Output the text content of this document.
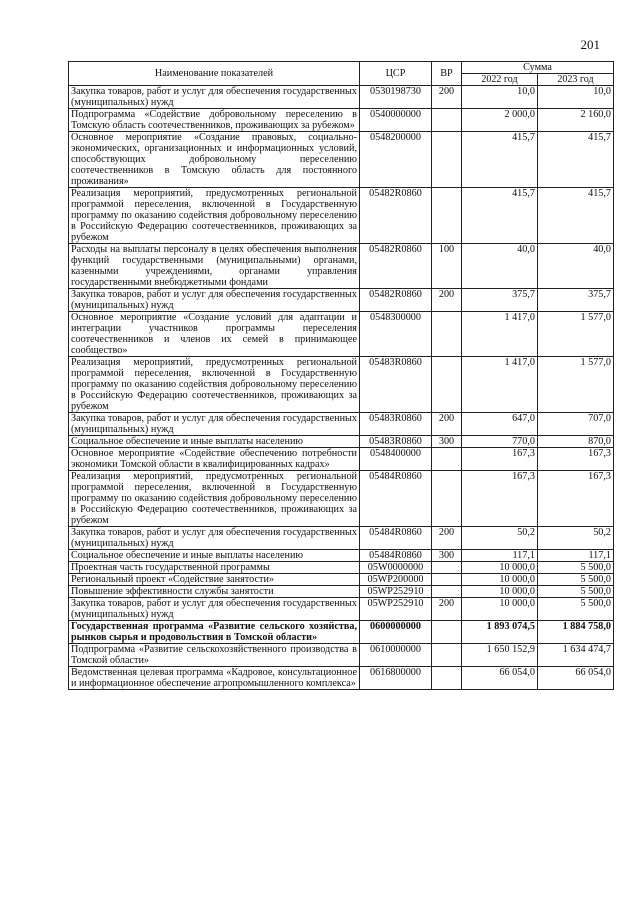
201
Наименование показателей	ЦСР	ВР	Сумма	
			2022 год	2023 год
Закупка товаров, работ и услуг для обеспечения государственных (муниципальных) нужд	0530198730	200	10,0	10,0
Подпрограмма «Содействие добровольному переселению в Томскую область соотечественников, проживающих за рубежом»	0540000000		2 000,0	2 160,0
Основное мероприятие «Создание правовых, социально-экономических, организационных и информационных условий, способствующих добровольному переселению соотечественников в Томскую область для постоянного проживания»	0548200000		415,7	415,7
Реализация мероприятий, предусмотренных региональной программой переселения, включенной в Государственную программу по оказанию содействия добровольному переселению в Российскую Федерацию соотечественников, проживающих за рубежом	05482R0860		415,7	415,7
Расходы на выплаты персоналу в целях обеспечения выполнения функций государственными (муниципальными) органами, казенными учреждениями, органами управления государственными внебюджетными фондами	05482R0860	100	40,0	40,0
Закупка товаров, работ и услуг для обеспечения государственных (муниципальных) нужд	05482R0860	200	375,7	375,7
Основное мероприятие «Создание условий для адаптации и интеграции участников программы переселения соотечественников и членов их семей в принимающее сообщество»	0548300000		1 417,0	1 577,0
Реализация мероприятий, предусмотренных региональной программой переселения, включенной в Государственную программу по оказанию содействия добровольному переселению в Российскую Федерацию соотечественников, проживающих за рубежом	05483R0860		1 417,0	1 577,0
Закупка товаров, работ и услуг для обеспечения государственных (муниципальных) нужд	05483R0860	200	647,0	707,0
Социальное обеспечение и иные выплаты населению	05483R0860	300	770,0	870,0
Основное мероприятие «Содействие обеспечению потребности экономики Томской области в квалифицированных кадрах»	0548400000		167,3	167,3
Реализация мероприятий, предусмотренных региональной программой переселения, включенной в Государственную программу по оказанию содействия добровольному переселению в Российскую Федерацию соотечественников, проживающих за рубежом	05484R0860		167,3	167,3
Закупка товаров, работ и услуг для обеспечения государственных (муниципальных) нужд	05484R0860	200	50,2	50,2
Социальное обеспечение и иные выплаты населению	05484R0860	300	117,1	117,1
Проектная часть государственной программы	05W0000000		10 000,0	5 500,0
Региональный проект «Содействие занятости»	05WP200000		10 000,0	5 500,0
Повышение эффективности службы занятости	05WP252910		10 000,0	5 500,0
Закупка товаров, работ и услуг для обеспечения государственных (муниципальных) нужд	05WP252910	200	10 000,0	5 500,0
Государственная программа «Развитие сельского хозяйства, рынков сырья и продовольствия в Томской области»	0600000000		1 893 074,5	1 884 758,0
Подпрограмма «Развитие сельскохозяйственного производства в Томской области»	0610000000		1 650 152,9	1 634 474,7
Ведомственная целевая программа «Кадровое, консультационное и информационное обеспечение агропромышленного комплекса»	0616800000		66 054,0	66 054,0
